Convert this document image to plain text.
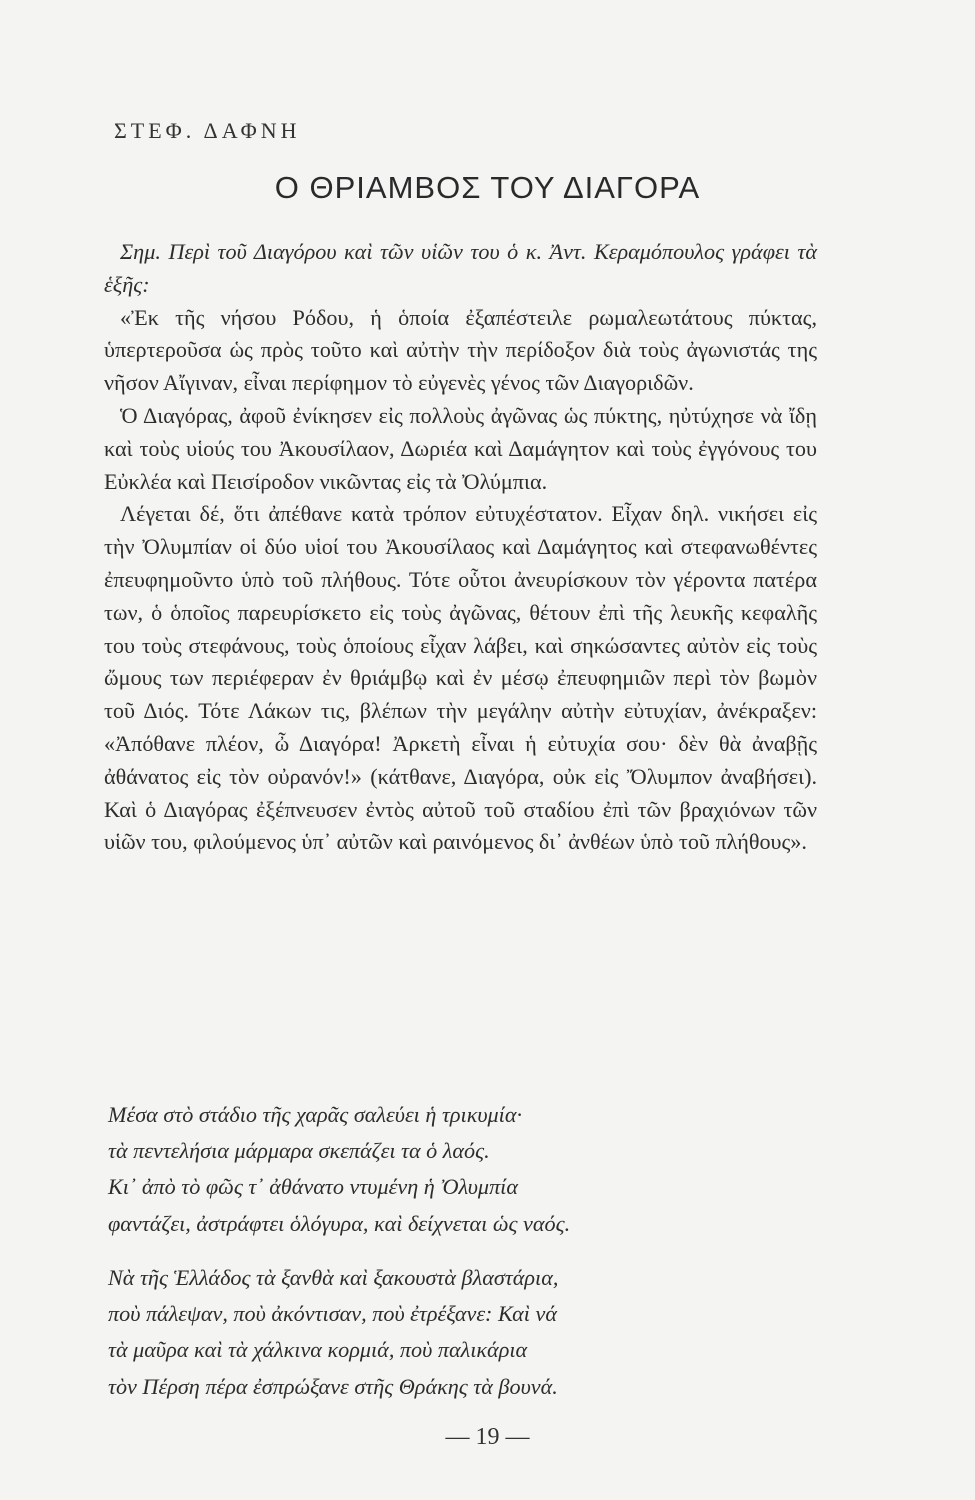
ΣΤΕΦ. ΔΑΦΝΗ
Ο ΘΡΙΑΜΒΟΣ ΤΟΥ ΔΙΑΓΟΡΑ

Σημ. Περὶ τοῦ Διαγόρου καὶ τῶν υἱῶν του ὁ κ. Ἀντ. Κεραμόπουλος γράφει τὰ ἑξῆς:

«Ἐκ τῆς νήσου Ρόδου, ἡ ὁποία ἐξαπέστειλε ρωμαλεωτάτους πύκτας, ὑπερτεροῦσα ὡς πρὸς τοῦτο καὶ αὐτὴν τὴν περίδοξον διὰ τοὺς ἀγωνιστάς της νῆσον Αἴγιναν, εἶναι περίφημον τὸ εὐγενὲς γένος τῶν Διαγοριδῶν.

Ὁ Διαγόρας, ἀφοῦ ἐνίκησεν εἰς πολλοὺς ἀγῶνας ὡς πύκτης, ηὐτύχησε νὰ ἴδῃ καὶ τοὺς υἱούς του Ἀκουσίλαον, Δωριέα καὶ Δαμάγητον καὶ τοὺς ἐγγόνους του Εὐκλέα καὶ Πεισίροδον νικῶντας εἰς τὰ Ὀλύμπια.

Λέγεται δέ, ὅτι ἀπέθανε κατὰ τρόπον εὐτυχέστατον. Εἶχαν δηλ. νικήσει εἰς τὴν Ὀλυμπίαν οἱ δύο υἱοί του Ἀκουσίλαος καὶ Δαμάγητος καὶ στεφανωθέντες ἐπευφημοῦντο ὑπὸ τοῦ πλήθους. Τότε οὗτοι ἀνευρίσκουν τὸν γέροντα πατέρα των, ὁ ὁποῖος παρευρίσκετο εἰς τοὺς ἀγῶνας, θέτουν ἐπὶ τῆς λευκῆς κεφαλῆς του τοὺς στεφάνους, τοὺς ὁποίους εἶχαν λάβει, καὶ σηκώσαντες αὐτὸν εἰς τοὺς ὤμους των περιέφεραν ἐν θριάμβῳ καὶ ἐν μέσῳ ἐπευφημιῶν περὶ τὸν βωμὸν τοῦ Διός. Τότε Λάκων τις, βλέπων τὴν μεγάλην αὐτὴν εὐτυχίαν, ἀνέκραξεν: «Ἀπόθανε πλέον, ὦ Διαγόρα! Ἀρκετὴ εἶναι ἡ εὐτυχία σου· δὲν θὰ ἀναβῇς ἀθάνατος εἰς τὸν οὐρανόν!» (κάτθανε, Διαγόρα, οὐκ εἰς Ὄλυμπον ἀναβήσει). Καὶ ὁ Διαγόρας ἐξέπνευσεν ἐντὸς αὐτοῦ τοῦ σταδίου ἐπὶ τῶν βραχιόνων τῶν υἱῶν του, φιλούμενος ὑπ᾿ αὐτῶν καὶ ραινόμενος δι᾿ ἀνθέων ὑπὸ τοῦ πλήθους».

Μέσα στὸ στάδιο τῆς χαρᾶς σαλεύει ἡ τρικυμία·
τὰ πεντελήσια μάρμαρα σκεπάζει τα ὁ λαός.
Κι᾿ ἀπὸ τὸ φῶς τ᾿ ἀθάνατο ντυμένη ἡ Ὀλυμπία
φαντάζει, ἀστράφτει ὁλόγυρα, καὶ δείχνεται ὡς ναός.
Νὰ τῆς Ἑλλάδος τὰ ξανθὰ καὶ ξακουστὰ βλαστάρια,
ποὺ πάλεψαν, ποὺ ἀκόντισαν, ποὺ ἐτρέξανε: Καὶ νά
τὰ μαῦρα καὶ τὰ χάλκινα κορμιά, ποὺ παλικάρια
τὸν Πέρση πέρα ἐσπρώξανε στῆς Θράκης τὰ βουνά.
— 19 —
